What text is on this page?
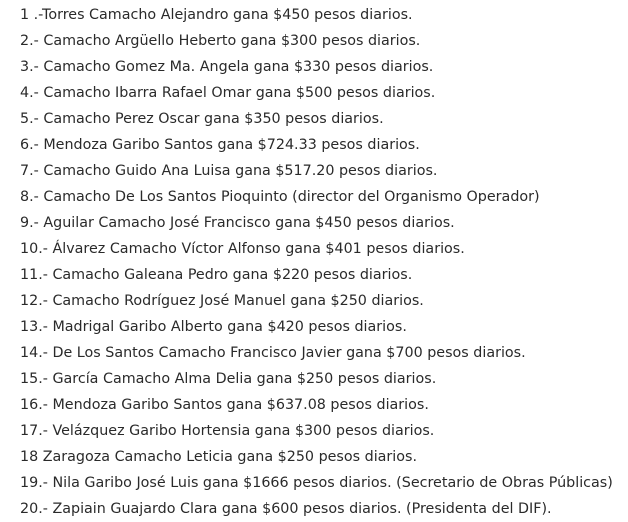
1 .-Torres Camacho Alejandro gana $450 pesos diarios.
2.- Camacho Argüello Heberto gana $300 pesos diarios.
3.- Camacho Gomez Ma. Angela gana $330 pesos diarios.
4.- Camacho Ibarra Rafael Omar gana $500 pesos diarios.
5.- Camacho Perez Oscar gana $350 pesos diarios.
6.- Mendoza Garibo Santos gana $724.33 pesos diarios.
7.- Camacho Guido Ana Luisa gana $517.20 pesos diarios.
8.- Camacho De Los Santos Pioquinto (director del Organismo Operador)
9.- Aguilar Camacho José Francisco gana $450 pesos diarios.
10.- Álvarez Camacho Víctor Alfonso gana $401 pesos diarios.
11.- Camacho Galeana Pedro gana $220 pesos diarios.
12.- Camacho Rodríguez José Manuel gana $250 diarios.
13.- Madrigal Garibo Alberto gana $420 pesos diarios.
14.- De Los Santos Camacho Francisco Javier gana $700 pesos diarios.
15.- García Camacho Alma Delia gana $250 pesos diarios.
16.- Mendoza Garibo Santos gana $637.08 pesos diarios.
17.- Velázquez Garibo Hortensia gana $300 pesos diarios.
18 Zaragoza Camacho Leticia gana $250 pesos diarios.
19.- Nila Garibo José Luis gana $1666 pesos diarios. (Secretario de Obras Públicas)
20.- Zapiain Guajardo Clara gana $600 pesos diarios. (Presidenta del DIF).
